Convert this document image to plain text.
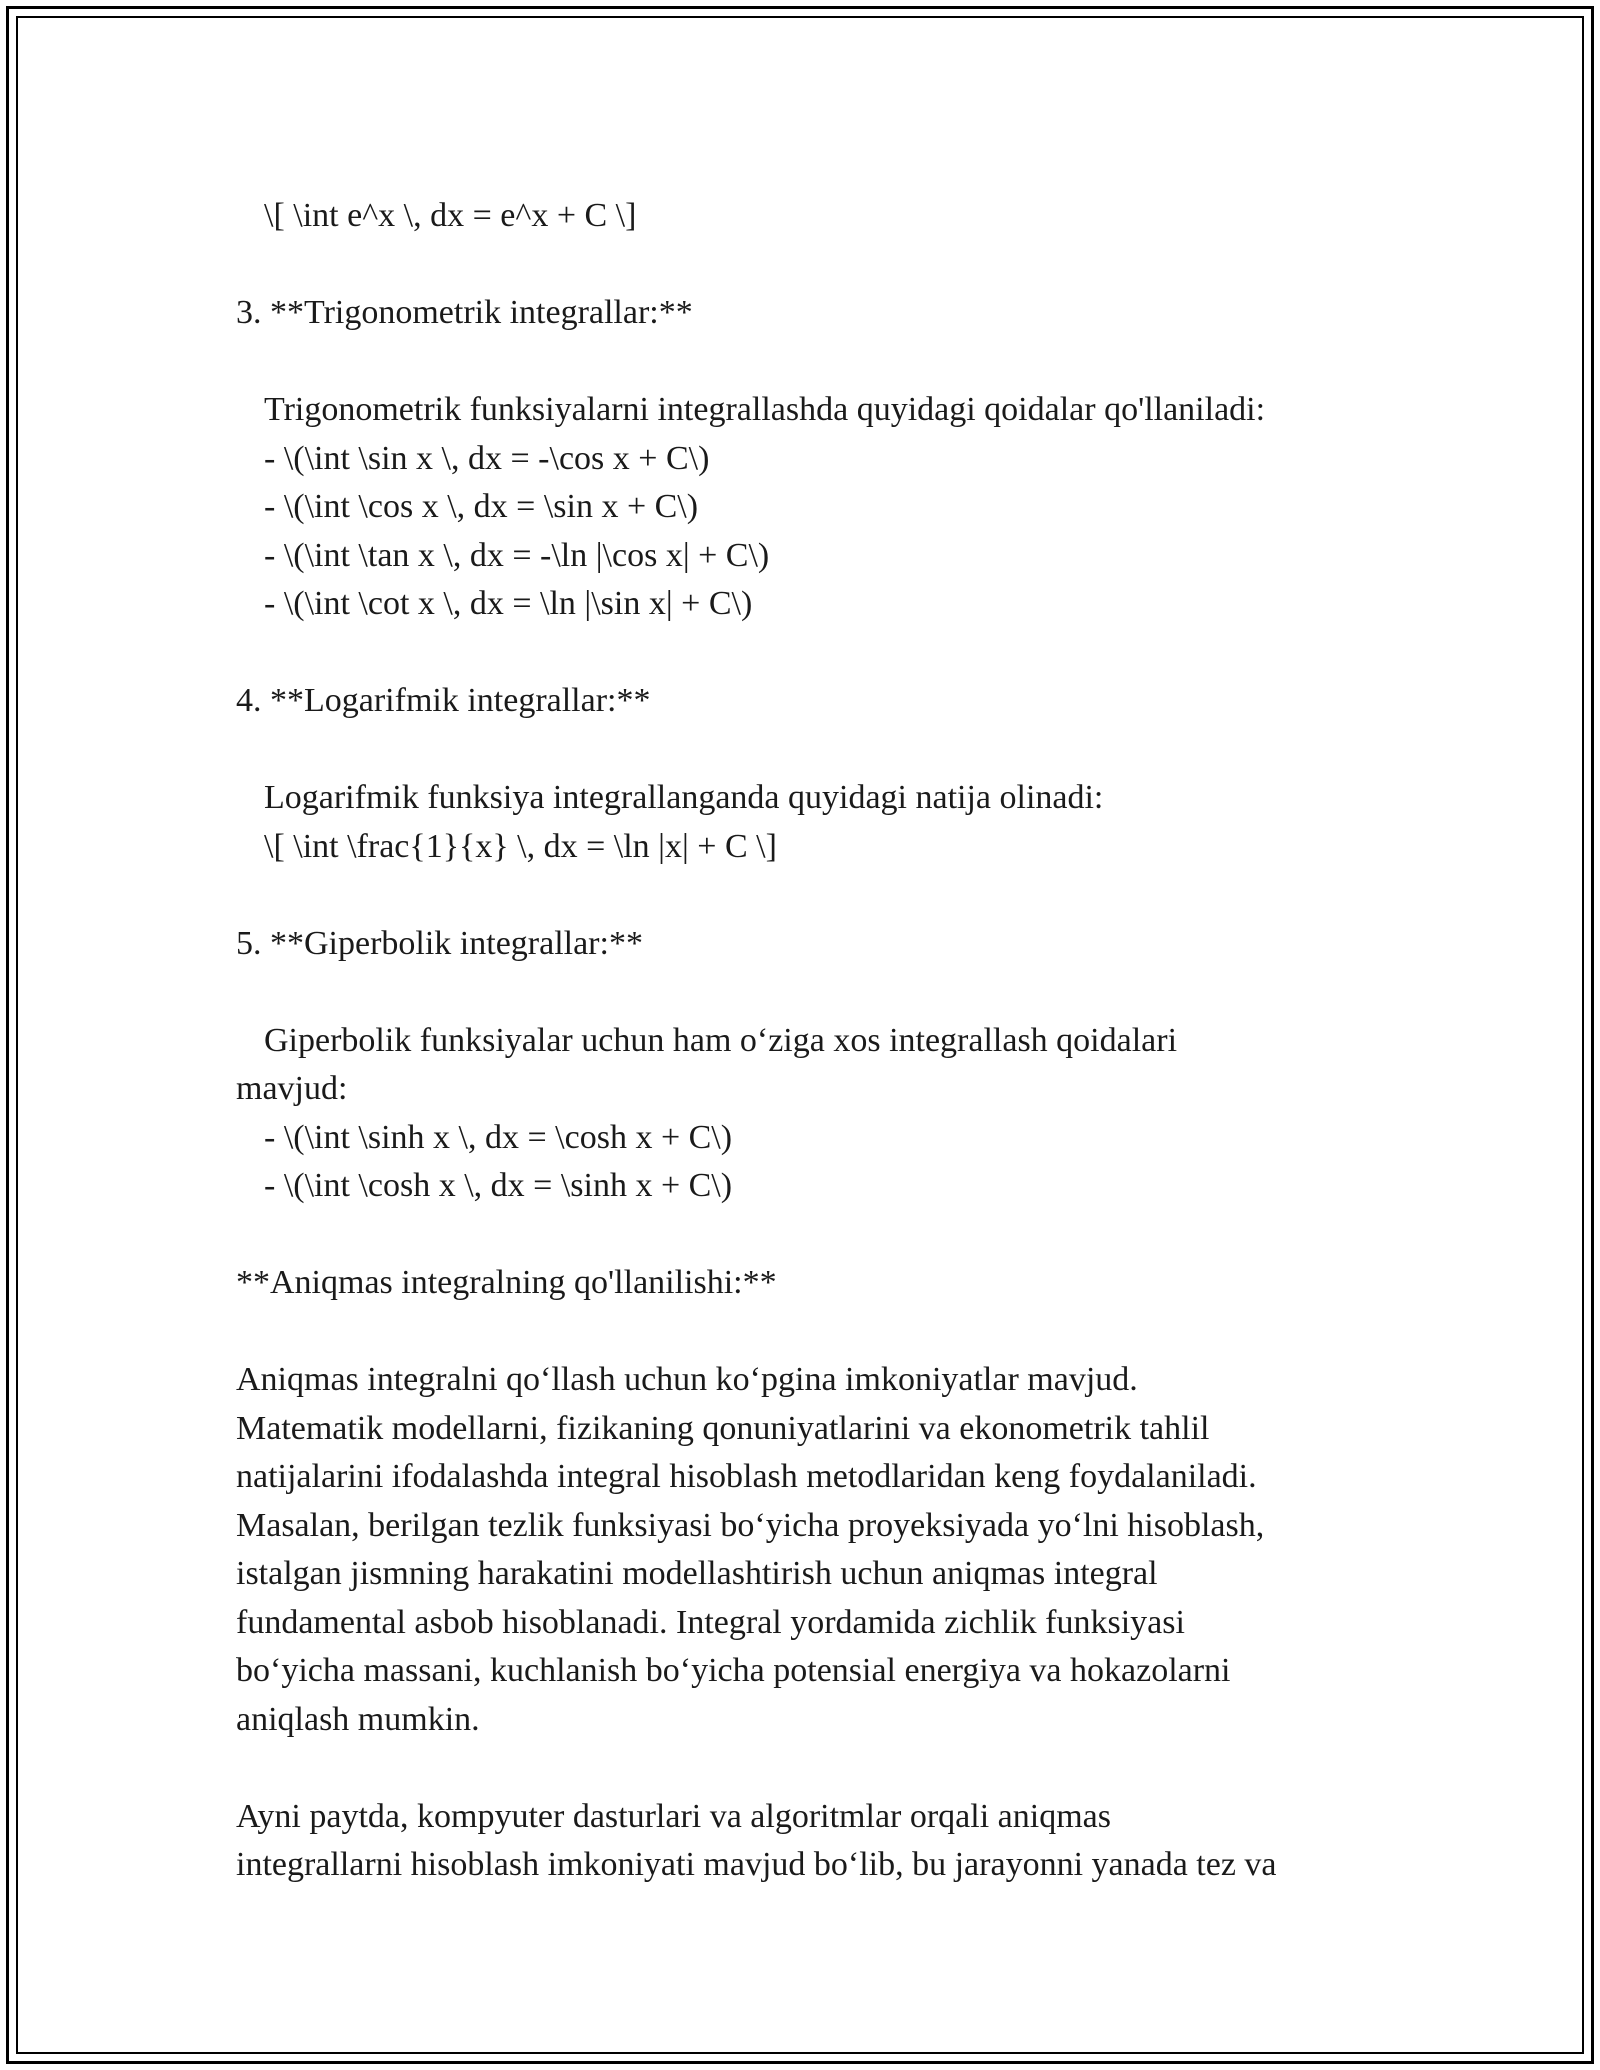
\[ \int e^x \, dx = e^x + C \]
3. **Trigonometrik integrallar:**
Trigonometrik funksiyalarni integrallashda quyidagi qoidalar qo'llaniladi:
- \(\int \sin x \, dx = -\cos x + C\)
- \(\int \cos x \, dx = \sin x + C\)
- \(\int \tan x \, dx = -\ln |\cos x| + C\)
- \(\int \cot x \, dx = \ln |\sin x| + C\)
4. **Logarifmik integrallar:**
Logarifmik funksiya integrallanganda quyidagi natija olinadi:
\[ \int \frac{1}{x} \, dx = \ln |x| + C \]
5. **Giperbolik integrallar:**
Giperbolik funksiyalar uchun ham o‘ziga xos integrallash qoidalari
mavjud:
- \(\int \sinh x \, dx = \cosh x + C\)
- \(\int \cosh x \, dx = \sinh x + C\)
**Aniqmas integralning qo'llanilishi:**
Aniqmas integralni qo‘llash uchun ko‘pgina imkoniyatlar mavjud.
Matematik modellarni, fizikaning qonuniyatlarini va ekonometrik tahlil
natijalarini ifodalashda integral hisoblash metodlaridan keng foydalaniladi.
Masalan, berilgan tezlik funksiyasi bo‘yicha proyeksiyada yo‘lni hisoblash,
istalgan jismning harakatini modellashtirish uchun aniqmas integral
fundamental asbob hisoblanadi. Integral yordamida zichlik funksiyasi
bo‘yicha massani, kuchlanish bo‘yicha potensial energiya va hokazolarni
aniqlash mumkin.
Ayni paytda, kompyuter dasturlari va algoritmlar orqali aniqmas
integrallarni hisoblash imkoniyati mavjud bo‘lib, bu jarayonni yanada tez va
